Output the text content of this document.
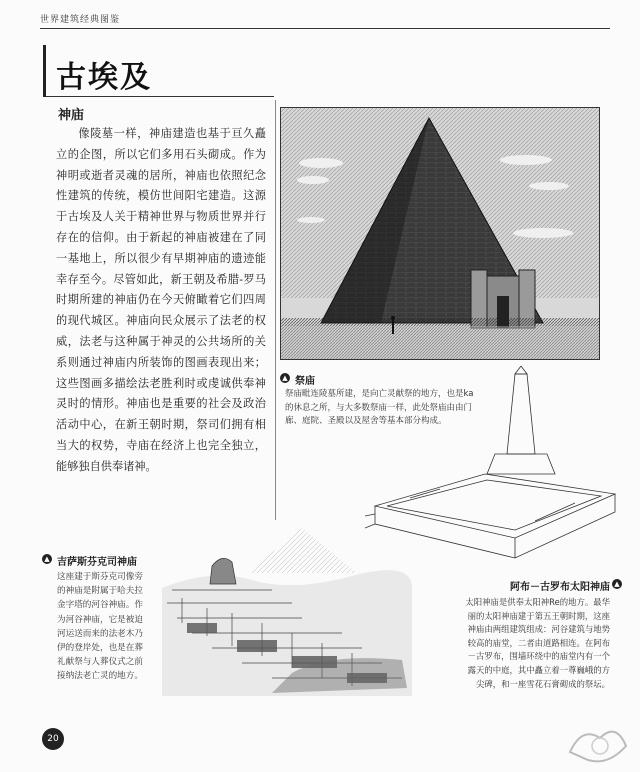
世界建筑经典图鉴
古埃及
神庙

像陵墓一样，神庙建造也基于亘久矗立的企图，所以它们多用石头砌成。作为神明或逝者灵魂的居所，神庙也依照纪念性建筑的传统，模仿世间阳宅建造。这源于古埃及人关于精神世界与物质世界并行存在的信仰。由于新起的神庙被建在了同一基地上，所以很少有早期神庙的遗迹能幸存至今。尽管如此，新王朝及希腊-罗马时期所建的神庙仍在今天俯瞰着它们四周的现代城区。神庙向民众展示了法老的权威，法老与这种属于神灵的公共场所的关系则通过神庙内所装饰的图画表现出来；这些图画多描绘法老胜利时或虔诚供奉神灵时的情形。神庙也是重要的社会及政治活动中心，在新王朝时期，祭司们拥有相当大的权势，寺庙在经济上也完全独立，能够独自供奉诸神。

▲ 祭庙
祭庙毗连陵墓所建，是向亡灵献祭的地方，也是ka的休息之所，与大多数祭庙一样，此处祭庙由由门廊、庭院、圣殿以及屋舍等基本部分构成。
▲ 吉萨斯芬克司神庙
这座建于斯芬克司像旁的神庙是附属于哈夫拉金字塔的河谷神庙。作为河谷神庙，它是被迫河运送而来的法老木乃伊的登岸处，也是在葬礼献祭与人葬仪式之前接纳法老亡灵的地方。
▲
阿布－古罗布太阳神庙
太阳神庙是供奉太阳神Re的地方。最华丽的太阳神庙建于第五王朝时期，这座神庙由两组建筑组成：河谷建筑与地势较高的庙堂，二者由道路相连。在阿布－古罗布，围墙环绕中的庙堂内有一个露天的中庭，其中矗立着一尊巍峨的方尖碑，和一座雪花石膏砌成的祭坛。
20
